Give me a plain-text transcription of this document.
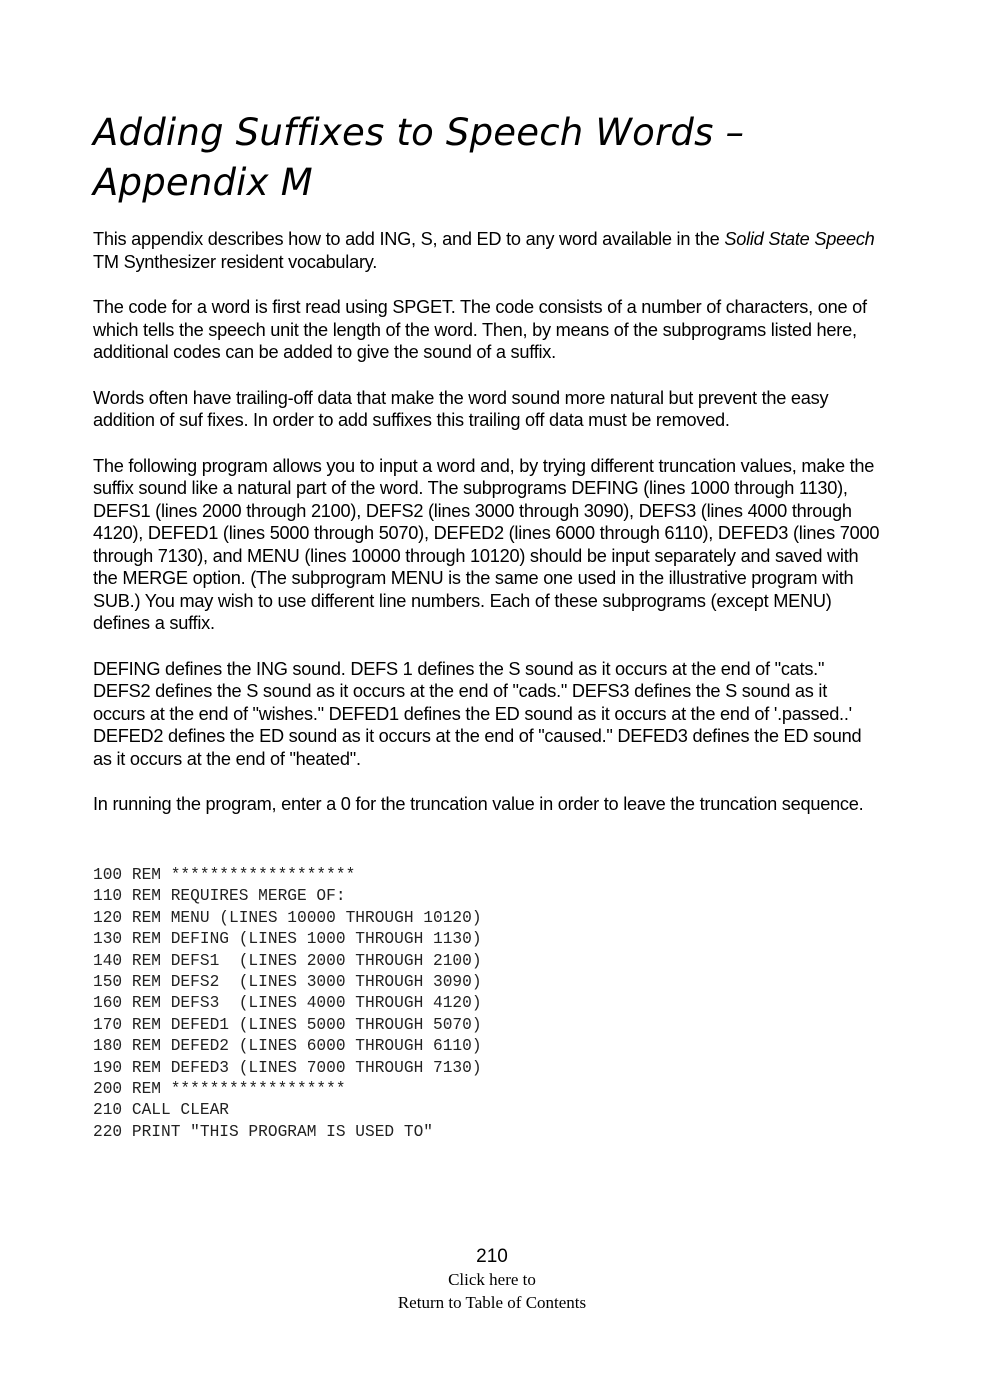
Adding Suffixes to Speech Words –
Appendix M

This appendix describes how to add ING, S, and ED to any word available in the Solid State Speech TM Synthesizer resident vocabulary.

The code for a word is first read using SPGET. The code consists of a number of characters, one of which tells the speech unit the length of the word. Then, by means of the subprograms listed here, additional codes can be added to give the sound of a suffix.

Words often have trailing-off data that make the word sound more natural but prevent the easy addition of suf fixes. In order to add suffixes this trailing off data must be removed.

The following program allows you to input a word and, by trying different truncation values, make the suffix sound like a natural part of the word. The subprograms DEFING (lines 1000 through 1130), DEFS1 (lines 2000 through 2100), DEFS2 (lines 3000 through 3090), DEFS3 (lines 4000 through 4120), DEFED1 (lines 5000 through 5070), DEFED2 (lines 6000 through 6110), DEFED3 (lines 7000 through 7130), and MENU (lines 10000 through 10120) should be input separately and saved with the MERGE option. (The subprogram MENU is the same one used in the illustrative program with SUB.) You may wish to use different line numbers. Each of these subprograms (except MENU) defines a suffix.

DEFING defines the ING sound. DEFS 1 defines the S sound as it occurs at the end of "cats." DEFS2 defines the S sound as it occurs at the end of "cads." DEFS3 defines the S sound as it occurs at the end of "wishes." DEFED1 defines the ED sound as it occurs at the end of '.passed..' DEFED2 defines the ED sound as it occurs at the end of "caused." DEFED3 defines the ED sound as it occurs at the end of "heated".

In running the program, enter a 0 for the truncation value in order to leave the truncation sequence.

100 REM *******************
110 REM REQUIRES MERGE OF:
120 REM MENU (LINES 10000 THROUGH 10120)
130 REM DEFING (LINES 1000 THROUGH 1130)
140 REM DEFS1  (LINES 2000 THROUGH 2100)
150 REM DEFS2  (LINES 3000 THROUGH 3090)
160 REM DEFS3  (LINES 4000 THROUGH 4120)
170 REM DEFED1 (LINES 5000 THROUGH 5070)
180 REM DEFED2 (LINES 6000 THROUGH 6110)
190 REM DEFED3 (LINES 7000 THROUGH 7130)
200 REM ******************
210 CALL CLEAR
220 PRINT "THIS PROGRAM IS USED TO"
210
Click here to
Return to Table of Contents
